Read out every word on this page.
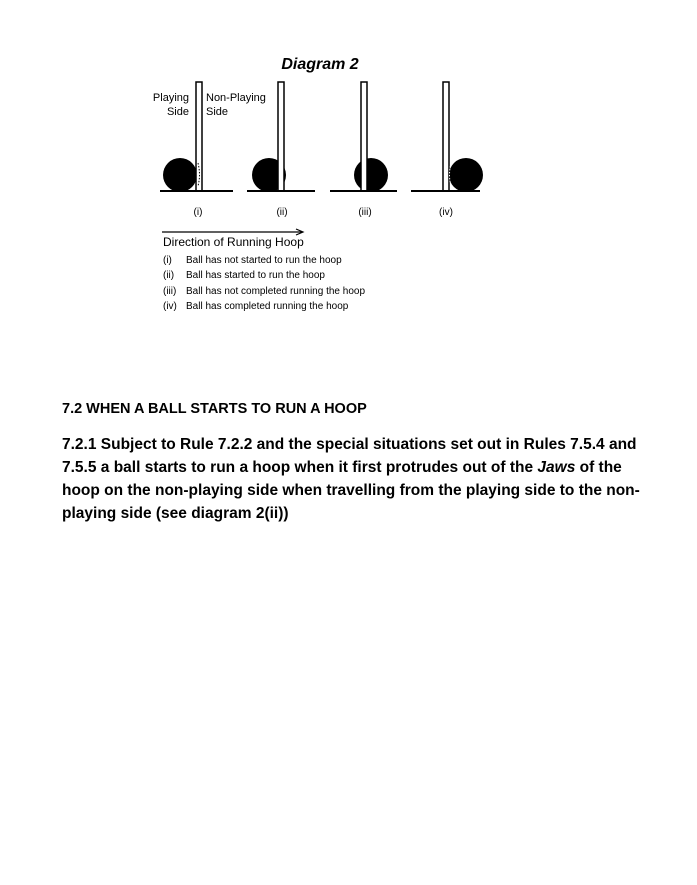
Diagram 2
Playing
Side
Non-Playing
Side
(i)	(ii)	(iii)	(iv)
Direction of Running Hoop
(i) Ball has not started to run the hoop
(ii) Ball has started to run the hoop
(iii) Ball has not completed running the hoop
(iv) Ball has completed running the hoop
7.2 WHEN A BALL STARTS TO RUN A HOOP
7.2.1 Subject to Rule 7.2.2 and the special situations set out in Rules 7.5.4 and 7.5.5 a ball starts to run a hoop when it first protrudes out of the Jaws of the hoop on the non-playing side when travelling from the playing side to the non-playing side (see diagram 2(ii))
